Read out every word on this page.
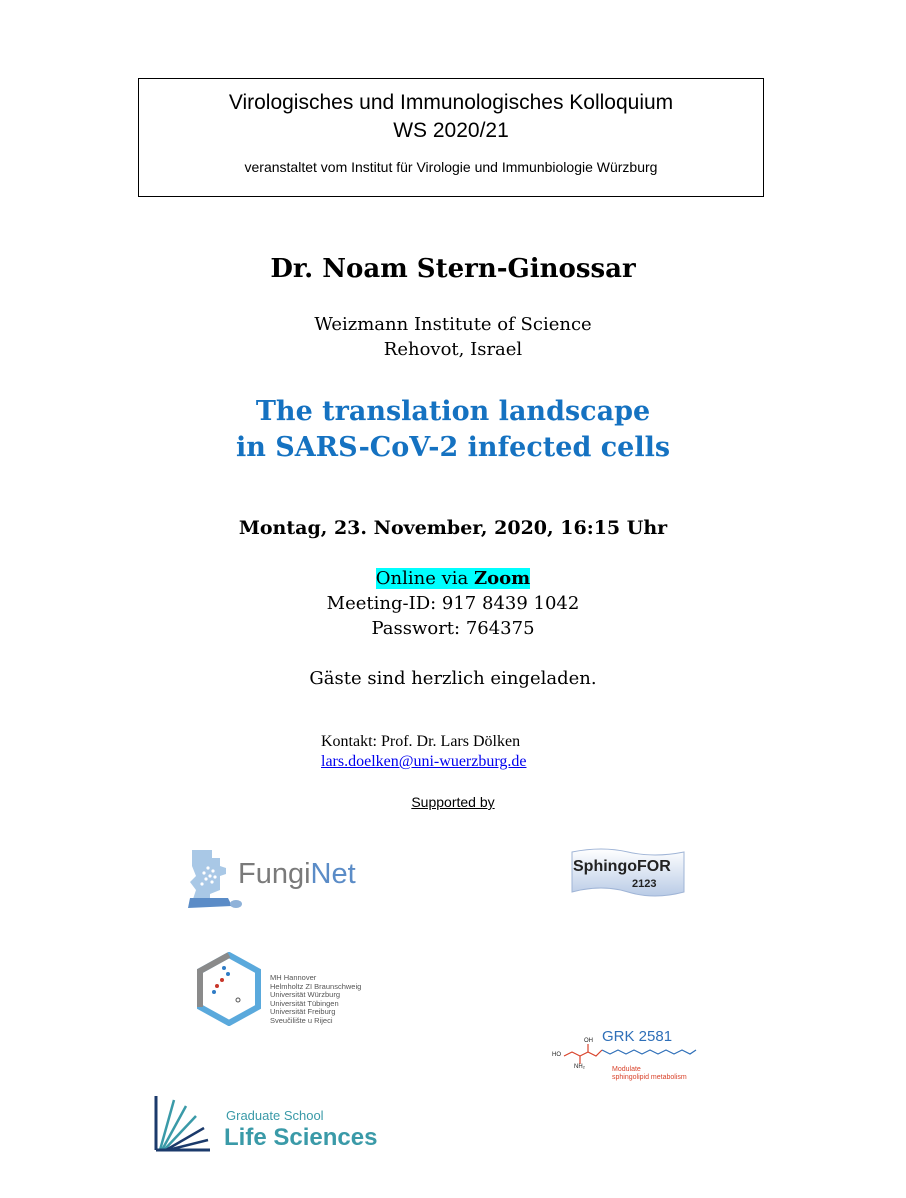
Virologisches und Immunologisches Kolloquium
WS 2020/21
veranstaltet vom Institut für Virologie und Immunbiologie Würzburg
Dr. Noam Stern-Ginossar
Weizmann Institute of Science
Rehovot, Israel
The translation landscape
in SARS-CoV-2 infected cells
Montag, 23. November, 2020, 16:15 Uhr
Online via Zoom
Meeting-ID: 917 8439 1042
Passwort: 764375
Gäste sind herzlich eingeladen.
Kontakt: Prof. Dr. Lars Dölken
lars.doelken@uni-wuerzburg.de
Supported by
FungiNet	SphingoFOR
2123
MH Hannover
Helmholtz ZI Braunschweig
Universität Würzburg
Universität Tübingen
Universität Freiburg
Sveučilište u Rijeci
GRK 2581
HO
OH
NH₂	Modulate
sphingolipid metabolism
Graduate School
Life Sciences
